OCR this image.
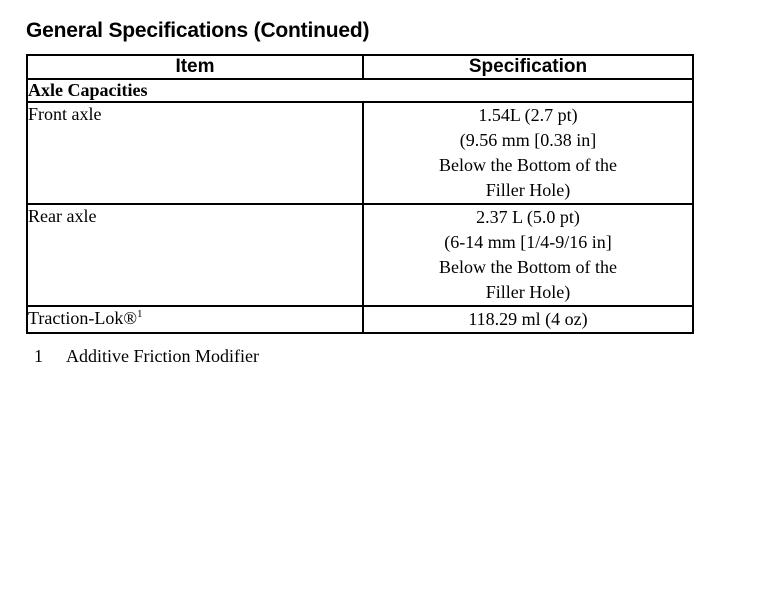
General Specifications (Continued)
Item	Specification
Axle Capacities	
Front axle	1.54L (2.7 pt)
(9.56 mm [0.38 in]
Below the Bottom of the
Filler Hole)

Rear axle	2.37 L (5.0 pt)
(6-14 mm [1/4-9/16 in]
Below the Bottom of the
Filler Hole)

Traction-Lok®$^1$	118.29 ml (4 oz)
1	Additive Friction Modifier
